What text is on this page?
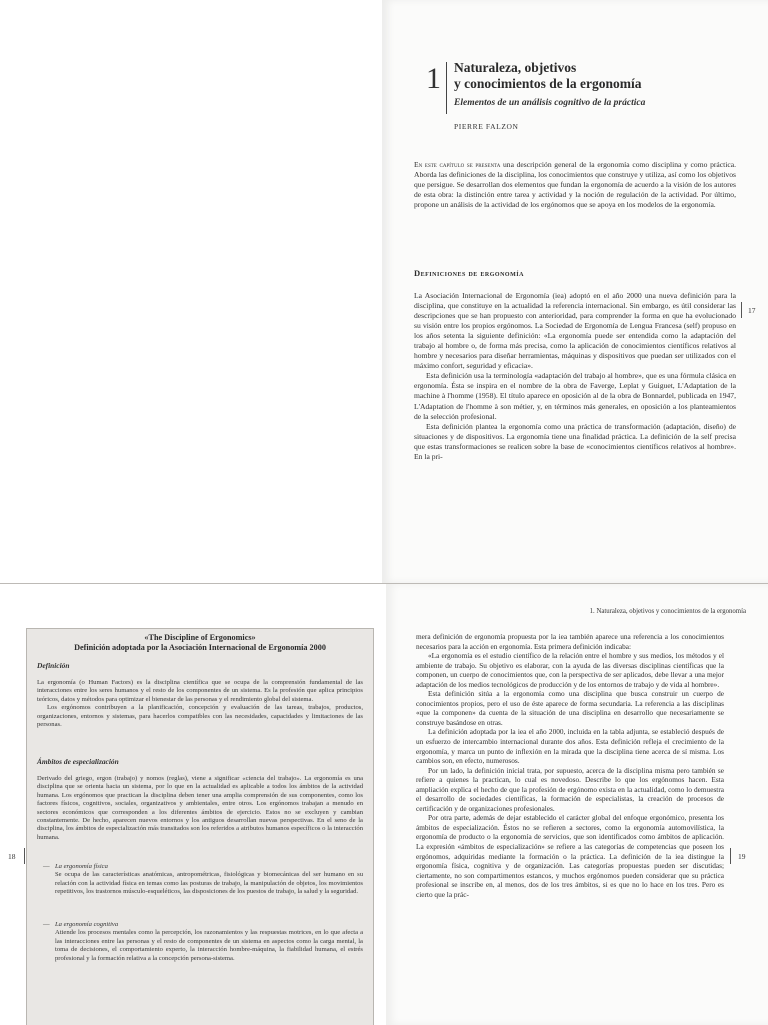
1 Naturaleza, objetivos
y conocimientos de la ergonomía

Elementos de un análisis cognitivo de la práctica

PIERRE FALZON

En este capítulo se presenta una descripción general de la ergonomía como disciplina y como práctica. Aborda las definiciones de la disciplina, los conocimientos que construye y utiliza, así como los objetivos que persigue. Se desarrollan dos elementos que fundan la ergonomía de acuerdo a la visión de los autores de esta obra: la distinción entre tarea y actividad y la noción de regulación de la actividad. Por último, propone un análisis de la actividad de los ergónomos que se apoya en los modelos de la ergonomía.

Definiciones de ergonomía

La Asociación Internacional de Ergonomía (iea) adoptó en el año 2000 una nueva definición para la disciplina, que constituye en la actualidad la referencia internacional. Sin embargo, es útil considerar las descripciones que se han propuesto con anterioridad, para comprender la forma en que ha evolucionado su visión entre los propios ergónomos. La Sociedad de Ergonomía de Lengua Francesa (self) propuso en los años setenta la siguiente definición: «La ergonomía puede ser entendida como la adaptación del trabajo al hombre o, de forma más precisa, como la aplicación de conocimientos científicos relativos al hombre y necesarios para diseñar herramientas, máquinas y dispositivos que puedan ser utilizados con el máximo confort, seguridad y eficacia».

Esta definición usa la terminología «adaptación del trabajo al hombre», que es una fórmula clásica en ergonomía. Ésta se inspira en el nombre de la obra de Faverge, Leplat y Guiguet, L'Adaptation de la machine à l'homme (1958). El título aparece en oposición al de la obra de Bonnardel, publicada en 1947, L'Adaptation de l'homme à son métier, y, en términos más generales, en oposición a los planteamientos de la selección profesional.

Esta definición plantea la ergonomía como una práctica de transformación (adaptación, diseño) de situaciones y de dispositivos. La ergonomía tiene una finalidad práctica. La definición de la self precisa que estas transformaciones se realicen sobre la base de «conocimientos científicos relativos al hombre». En la pri-

17
«The Discipline of Ergonomics»
Definición adoptada por la Asociación Internacional de Ergonomía 2000
Definición

La ergonomía (o Human Factors) es la disciplina científica que se ocupa de la comprensión fundamental de las interacciones entre los seres humanos y el resto de los componentes de un sistema. Es la profesión que aplica principios teóricos, datos y métodos para optimizar el bienestar de las personas y el rendimiento global del sistema.

Los ergónomos contribuyen a la planificación, concepción y evaluación de las tareas, trabajos, productos, organizaciones, entornos y sistemas, para hacerlos compatibles con las necesidades, capacidades y limitaciones de las personas.

Ámbitos de especialización

Derivado del griego, ergon (trabajo) y nomos (reglas), viene a significar «ciencia del trabajo». La ergonomía es una disciplina que se orienta hacia un sistema, por lo que en la actualidad es aplicable a todos los ámbitos de la actividad humana. Los ergónomos que practican la disciplina deben tener una amplia comprensión de sus componentes, como los factores físicos, cognitivos, sociales, organizativos y ambientales, entre otros. Los ergónomos trabajan a menudo en sectores económicos que corresponden a los diferentes ámbitos de ejercicio. Estos no se excluyen y cambian constantemente. De hecho, aparecen nuevos entornos y los antiguos desarrollan nuevas perspectivas. En el seno de la disciplina, los ámbitos de especialización más transitados son los referidos a atributos humanos específicos o la interacción humana.

— La ergonomía física

Se ocupa de las características anatómicas, antropométricas, fisiológicas y biomecánicas del ser humano en su relación con la actividad física en temas como las posturas de trabajo, la manipulación de objetos, los movimientos repetitivos, los trastornos músculo-esqueléticos, las disposiciones de los puestos de trabajo, la salud y la seguridad.

— La ergonomía cognitiva

Atiende los procesos mentales como la percepción, los razonamientos y las respuestas motrices, en lo que afecta a las interacciones entre las personas y el resto de componentes de un sistema en aspectos como la carga mental, la toma de decisiones, el comportamiento experto, la interacción hombre-máquina, la fiabilidad humana, el estrés profesional y la formación relativa a la concepción persona-sistema.

18
1. Naturaleza, objetivos y conocimientos de la ergonomía

mera definición de ergonomía propuesta por la iea también aparece una referencia a los conocimientos necesarios para la acción en ergonomía. Esta primera definición indicaba:

«La ergonomía es el estudio científico de la relación entre el hombre y sus medios, los métodos y el ambiente de trabajo. Su objetivo es elaborar, con la ayuda de las diversas disciplinas científicas que la componen, un cuerpo de conocimientos que, con la perspectiva de ser aplicados, debe llevar a una mejor adaptación de los medios tecnológicos de producción y de los entornos de trabajo y de vida al hombre».

Esta definición sitúa a la ergonomía como una disciplina que busca construir un cuerpo de conocimientos propios, pero el uso de éste aparece de forma secundaria. La referencia a las disciplinas «que la componen» da cuenta de la situación de una disciplina en desarrollo que necesariamente se construye basándose en otras.

La definición adoptada por la iea el año 2000, incluida en la tabla adjunta, se estableció después de un esfuerzo de intercambio internacional durante dos años. Esta definición refleja el crecimiento de la ergonomía, y marca un punto de inflexión en la mirada que la disciplina tiene acerca de sí misma. Los cambios son, en efecto, numerosos.

Por un lado, la definición inicial trata, por supuesto, acerca de la disciplina misma pero también se refiere a quienes la practican, lo cual es novedoso. Describe lo que los ergónomos hacen. Esta ampliación explica el hecho de que la profesión de ergónomo exista en la actualidad, como lo demuestra el desarrollo de sociedades científicas, la formación de especialistas, la creación de procesos de certificación y de organizaciones profesionales.

Por otra parte, además de dejar establecido el carácter global del enfoque ergonómico, presenta los ámbitos de especialización. Éstos no se refieren a sectores, como la ergonomía automovilística, la ergonomía de producto o la ergonomía de servicios, que son identificados como ámbitos de aplicación. La expresión «ámbitos de especialización» se refiere a las categorías de competencias que poseen los ergónomos, adquiridas mediante la formación o la práctica. La definición de la iea distingue la ergonomía física, cognitiva y de organización. Las categorías propuestas pueden ser discutidas; ciertamente, no son compartimentos estancos, y muchos ergónomos pueden considerar que su práctica profesional se inscribe en, al menos, dos de los tres ámbitos, si es que no lo hace en los tres. Pero es cierto que la prác-

19
